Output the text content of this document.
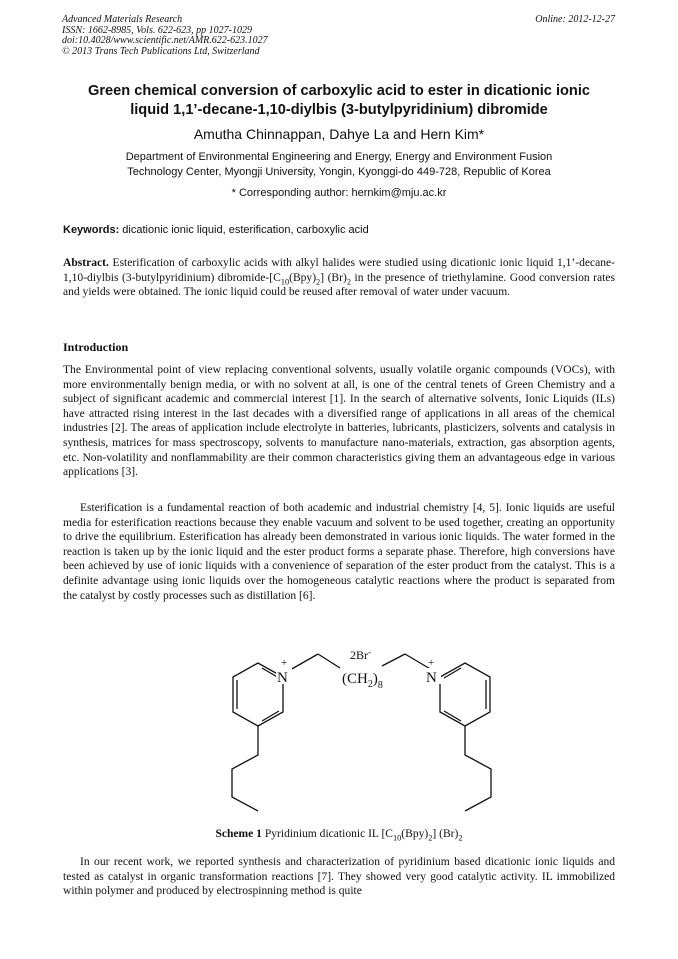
Advanced Materials Research
ISSN: 1662-8985, Vols. 622-623, pp 1027-1029
doi:10.4028/www.scientific.net/AMR.622-623.1027
© 2013 Trans Tech Publications Ltd, Switzerland
Online: 2012-12-27
Green chemical conversion of carboxylic acid to ester in dicationic ionic
liquid 1,1’-decane-1,10-diylbis (3-butylpyridinium) dibromide
Amutha Chinnappan, Dahye La and Hern Kim*
Department of Environmental Engineering and Energy, Energy and Environment Fusion
Technology Center, Myongji University, Yongin, Kyonggi-do 449-728, Republic of Korea
* Corresponding author: hernkim@mju.ac.kr
Keywords: dicationic ionic liquid, esterification, carboxylic acid
Abstract. Esterification of carboxylic acids with alkyl halides were studied using dicationic ionic liquid 1,1’-decane-1,10-diylbis (3-butylpyridinium) dibromide-$[C_{10}(Bpy)_2]$ $(Br)_2$ in the presence of triethylamine. Good conversion rates and yields were obtained. The ionic liquid could be reused after removal of water under vacuum.
Introduction
The Environmental point of view replacing conventional solvents, usually volatile organic compounds (VOCs), with more environmentally benign media, or with no solvent at all, is one of the central tenets of Green Chemistry and a subject of significant academic and commercial interest [1]. In the search of alternative solvents, Ionic Liquids (ILs) have attracted rising interest in the last decades with a diversified range of applications in all areas of the chemical industries [2]. The areas of application include electrolyte in batteries, lubricants, plasticizers, solvents and catalysis in synthesis, matrices for mass spectroscopy, solvents to manufacture nano-materials, extraction, gas absorption agents, etc. Non-volatility and nonflammability are their common characteristics giving them an advantageous edge in various applications [3].
Esterification is a fundamental reaction of both academic and industrial chemistry [4, 5]. Ionic liquids are useful media for esterification reactions because they enable vacuum and solvent to be used together, creating an opportunity to drive the equilibrium. Esterification has already been demonstrated in various ionic liquids. The water formed in the reaction is taken up by the ionic liquid and the ester product forms a separate phase. Therefore, high conversions have been achieved by use of ionic liquids with a convenience of separation of the ester product from the catalyst. This is a definite advantage using ionic liquids over the homogeneous catalytic reactions where the product is separated from the catalyst by costly processes such as distillation [6].
N	N
+	+
2Br-
$(CH_2)_8$
Scheme 1 Pyridinium dicationic IL $[C_{10}(Bpy)_2]$ $(Br)_2$
In our recent work, we reported synthesis and characterization of pyridinium based dicationic ionic liquids and tested as catalyst in organic transformation reactions [7]. They showed very good catalytic activity. IL immobilized within polymer and produced by electrospinning method is quite
